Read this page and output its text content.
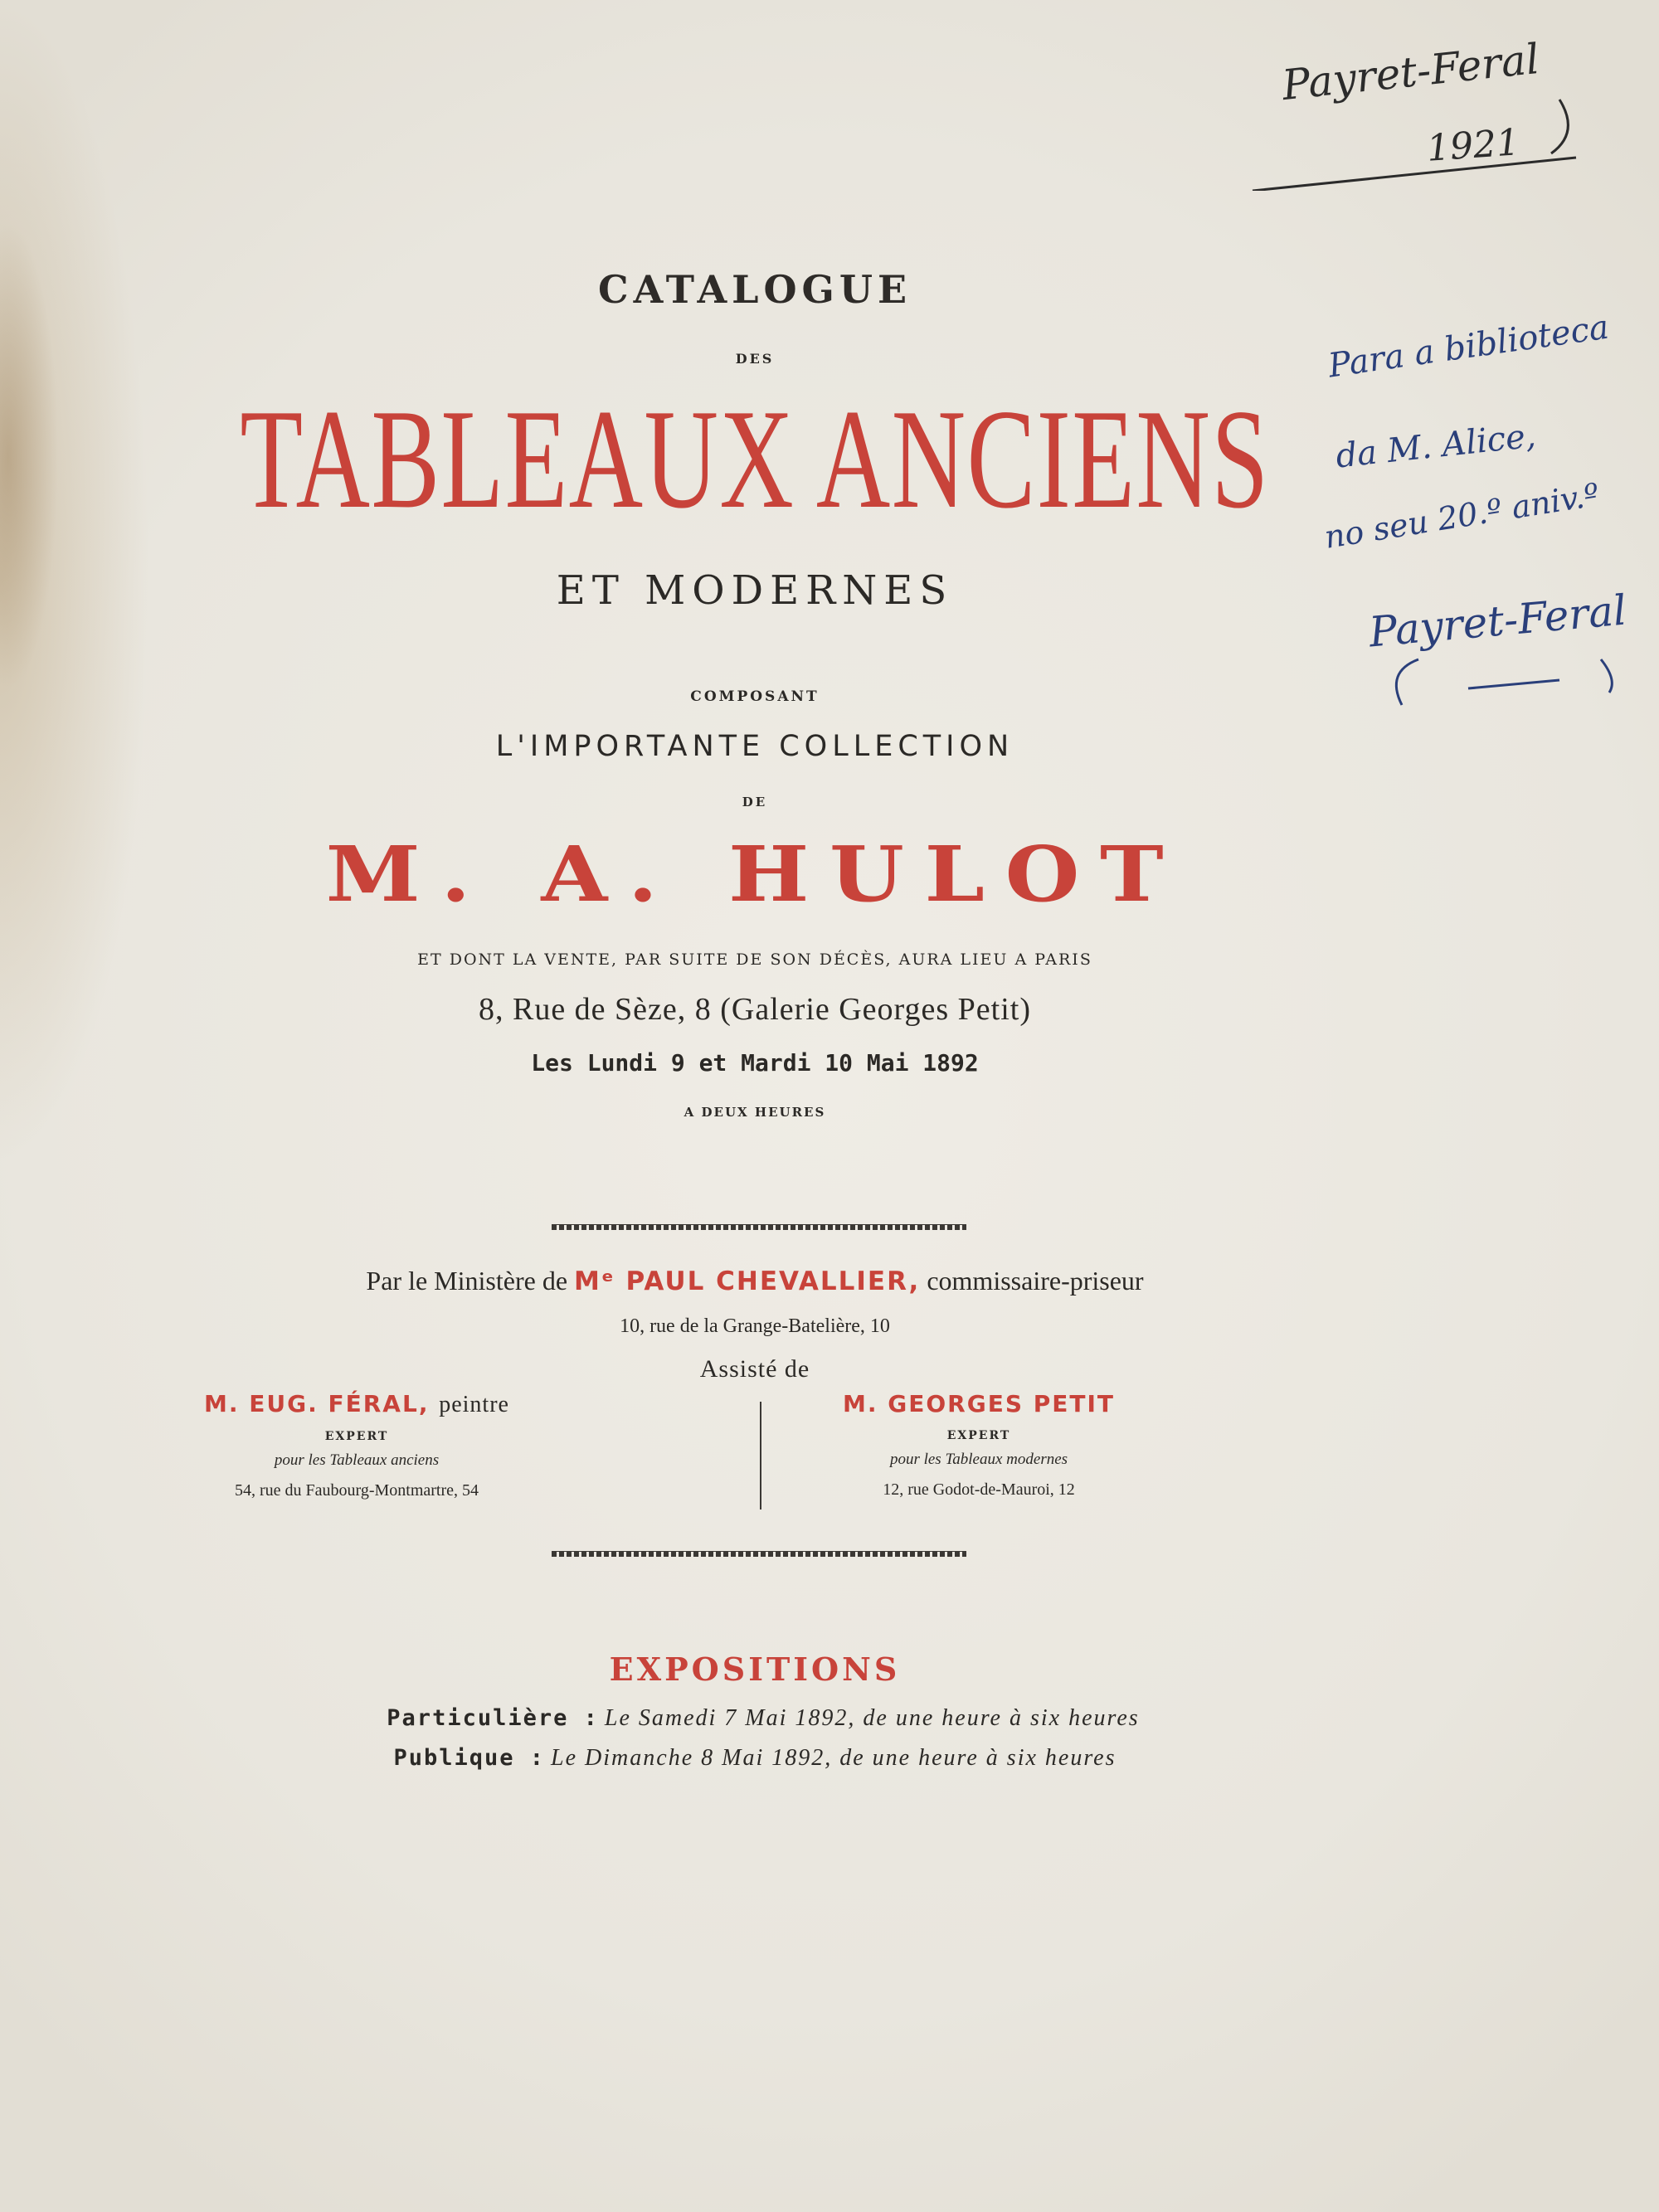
Payret-Feral
1921
Para a biblioteca
da M. Alice,
no seu 20.º aniv.º
Payret-Feral
CATALOGUE
DES
TABLEAUX ANCIENS
ET MODERNES
COMPOSANT
L'IMPORTANTE COLLECTION
DE
M. A. HULOT
ET DONT LA VENTE, PAR SUITE DE SON DÉCÈS, AURA LIEU A PARIS
8, Rue de Sèze, 8 (Galerie Georges Petit)
Les Lundi 9 et Mardi 10 Mai 1892
A DEUX HEURES
Par le Ministère de Mᵉ PAUL CHEVALLIER, commissaire-priseur
10, rue de la Grange-Batelière, 10
Assisté de
M. EUG. FÉRAL, peintre
EXPERT
pour les Tableaux anciens
54, rue du Faubourg-Montmartre, 54
M. GEORGES PETIT
EXPERT
pour les Tableaux modernes
12, rue Godot-de-Mauroi, 12
EXPOSITIONS
Particulière : Le Samedi 7 Mai 1892, de une heure à six heures
Publique : Le Dimanche 8 Mai 1892, de une heure à six heures
